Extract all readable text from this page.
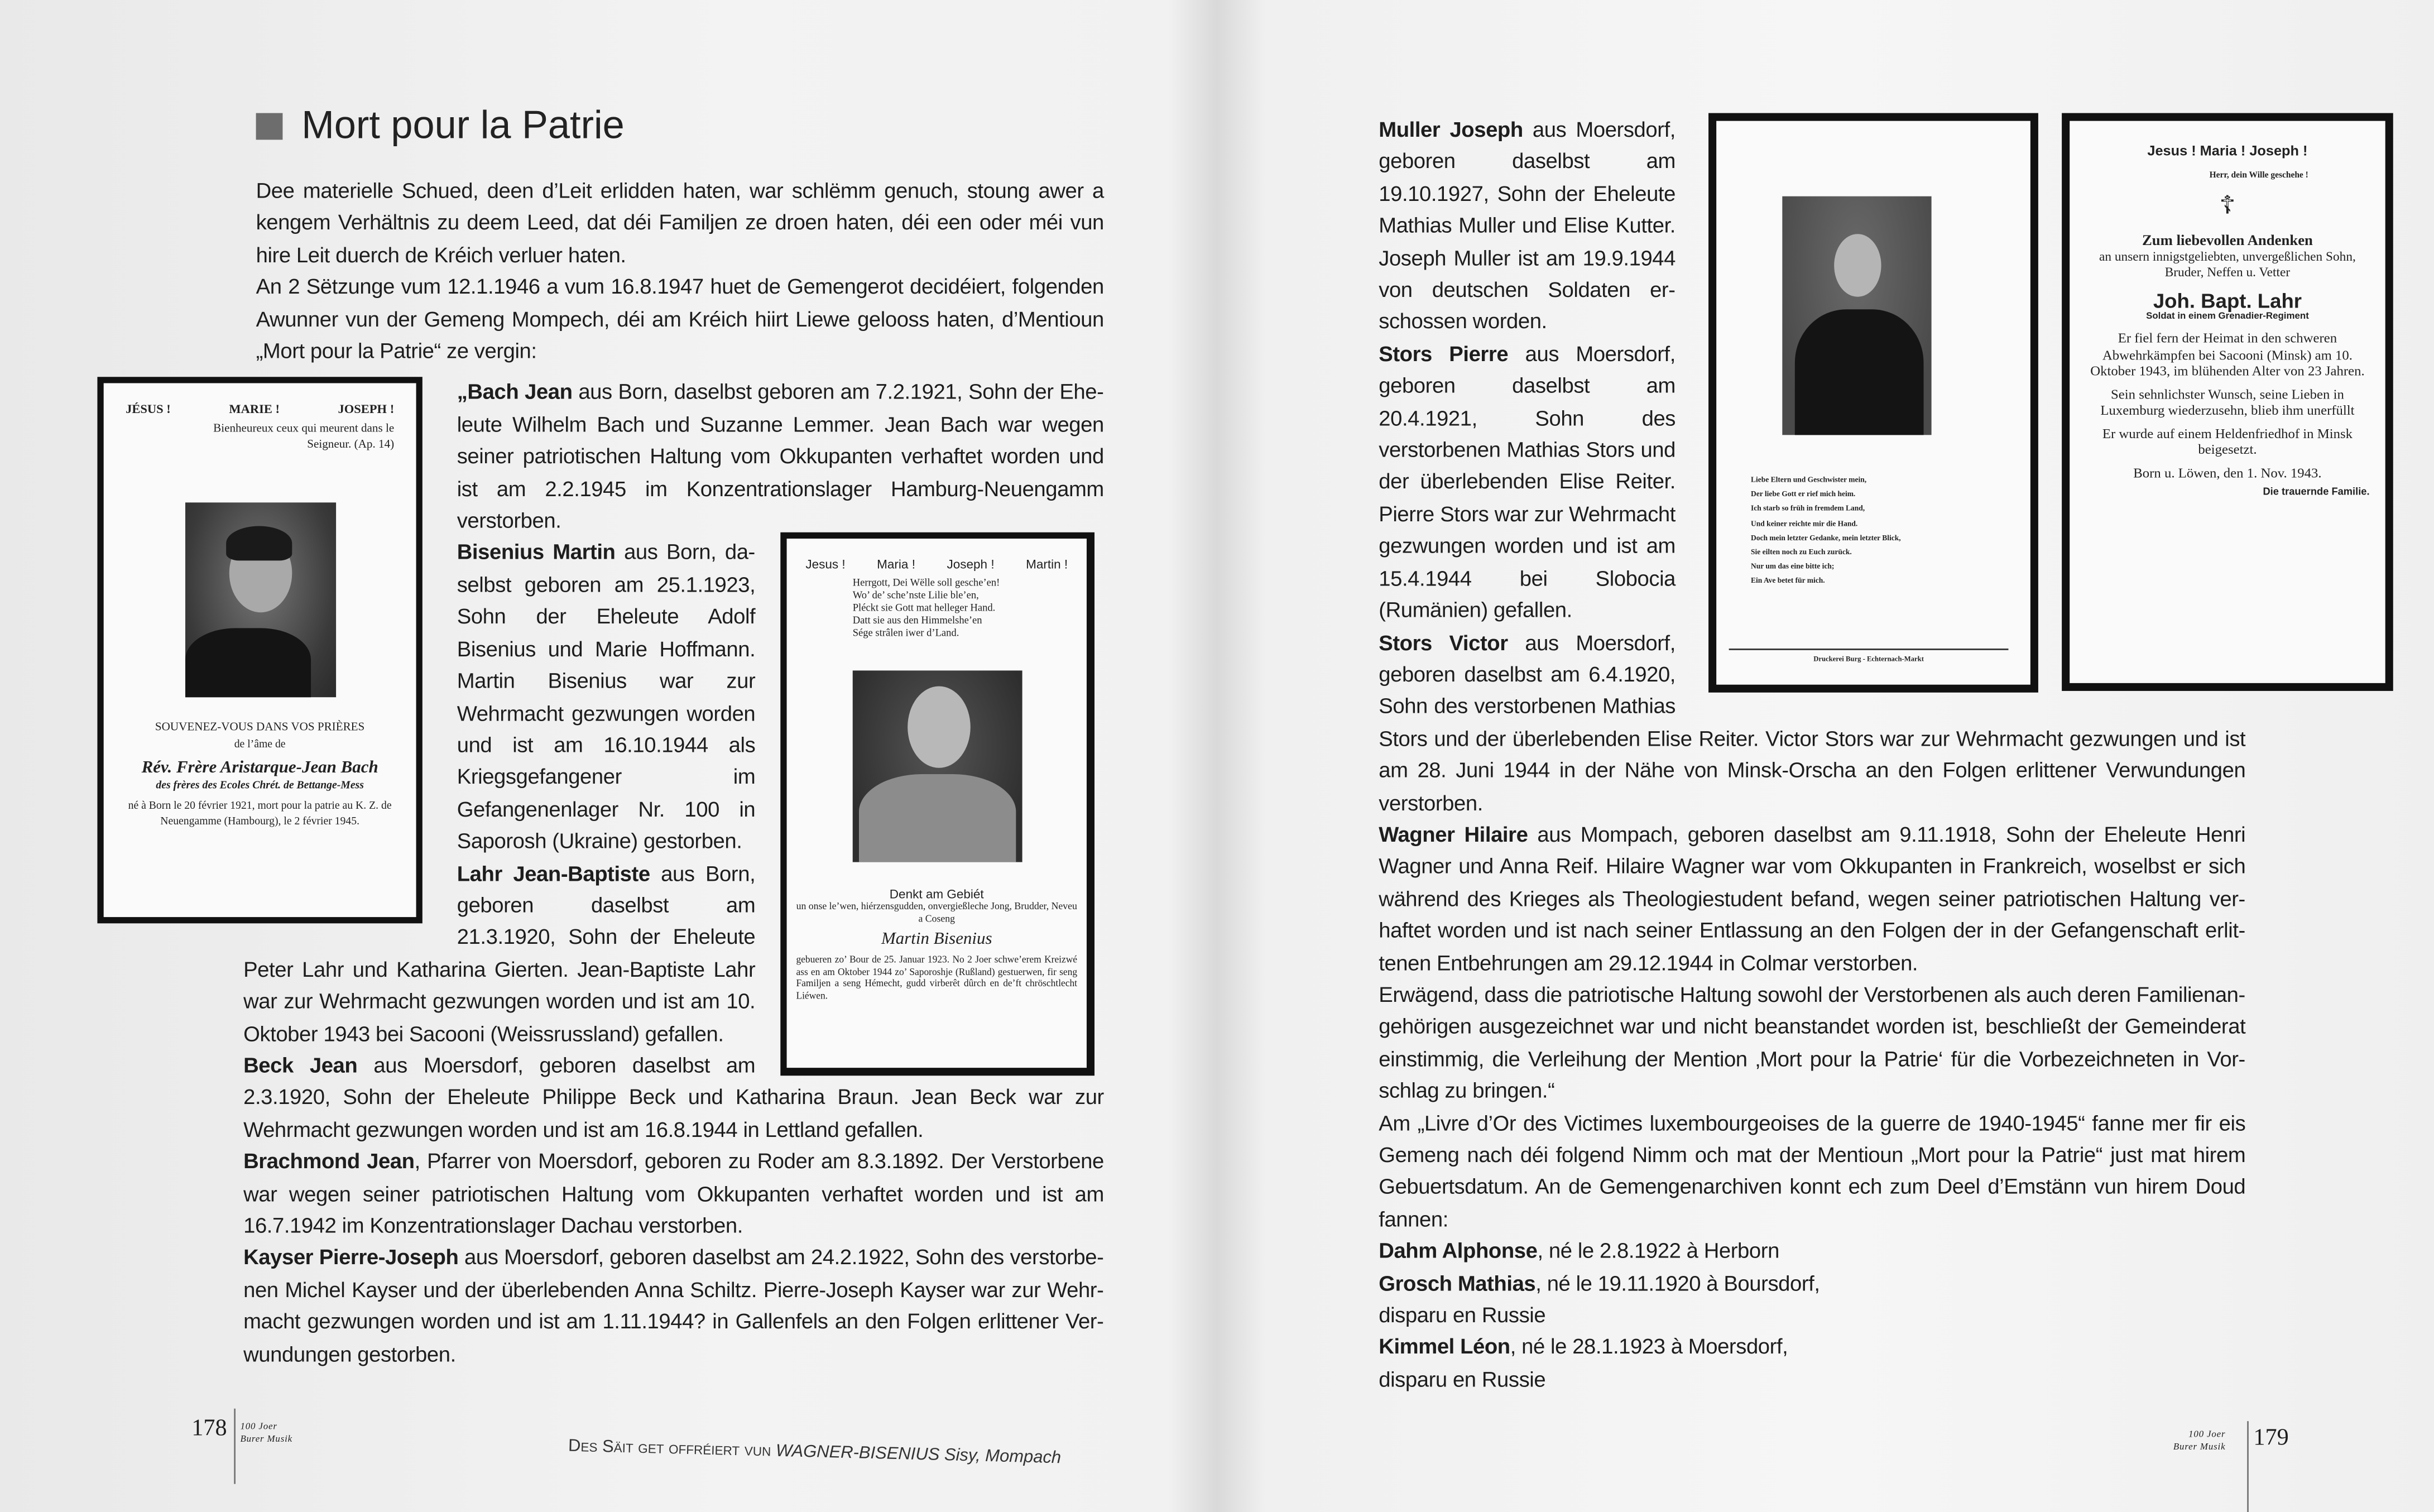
Mort pour la Patrie

Dee materielle Schued, deen d’Leit erlidden haten, war schlëmm genuch, stoung awer a kengem Verhältnis zu deem Leed, dat déi Familjen ze droen haten, déi een oder méi vun hire Leit duerch de Kréich verluer haten.

An 2 Sëtzunge vum 12.1.1946 a vum 16.8.1947 huet de Gemengerot decidéiert, folgenden Awunner vun der Gemeng Mompech, déi am Kréich hiirt Liewe gelooss haten, d’Mentioun „Mort pour la Patrie“ ze vergin:

JÉSUS !	MARIE !	JOSEPH !
Bienheureux ceux qui meurent dans le Seigneur. (Ap. 14)
SOUVENEZ-VOUS DANS VOS PRIÈRES
de l’âme de
Rév. Frère Aristarque-Jean Bach
des frères des Ecoles Chrét. de Bettange-Mess
né à Born le 20 février 1921, mort pour la patrie au K. Z. de Neuengamme (Hambourg), le 2 février 1945.
Jesus !	Maria !	Joseph !	Martin !
Herrgott, Dei Wëlle soll gesche’en!
Wo’ de’ sche’nste Lilie ble’en,
Pléckt sie Gott mat helleger Hand.
Datt sie aus den Himmelshe’en
Ségе strâlen iwer d’Land.
Denkt am Gebiét
un onse le’wen, hiérzensgudden, onvergiеßleche Jong, Brudder, Neveu a Coseng
Martin Bisenius
gebueren zo’ Bour de 25. Januar 1923. No 2 Joer schwe’erem Kreizwé ass en am Oktober 1944 zo’ Saporoshje (Rußland) gestuerwen, fir seng Familjen a seng Hémecht, gudd virberêt dûrch en de’ft chröschtlecht Liéwen.

„Bach Jean aus Born, daselbst geboren am 7.2.1921, Sohn der Eheleute Wilhelm Bach und Suzanne Lemmer. Jean Bach war wegen seiner patriotischen Haltung vom Okkupanten verhaftet worden und ist am 2.2.1945 im Konzentrationslager Hamburg-Neuengamm verstorben.

Bisenius Martin aus Born, daselbst geboren am 25.1.1923, Sohn der Eheleute Adolf Bisenius und Marie Hoffmann. Martin Bisenius war zur Wehrmacht gezwungen worden und ist am 16.10.1944 als Kriegsgefangener im Gefangenenlager Nr. 100 in Saporosh (Ukraine) gestorben.

Lahr Jean-Baptiste aus Born, geboren daselbst am 21.3.1920, Sohn der Eheleute Peter Lahr und Katharina Gierten. Jean-Baptiste Lahr war zur Wehrmacht gezwungen worden und ist am 10. Oktober 1943 bei Sacooni (Weissrussland) gefallen.

Beck Jean aus Moersdorf, geboren daselbst am 2.3.1920, Sohn der Eheleute Philippe Beck und Katharina Braun. Jean Beck war zur Wehrmacht gezwungen worden und ist am 16.8.1944 in Lettland gefallen.

Brachmond Jean, Pfarrer von Moersdorf, geboren zu Roder am 8.3.1892. Der Verstorbene war wegen seiner patriotischen Haltung vom Okkupanten verhaftet worden und ist am 16.7.1942 im Konzentrationslager Dachau verstorben.

Kayser Pierre-Joseph aus Moersdorf, geboren daselbst am 24.2.1922, Sohn des verstorbenen Michel Kayser und der überlebenden Anna Schiltz. Pierre-Joseph Kayser war zur Wehrmacht gezwungen worden und ist am 1.11.1944? in Gallenfels an den Folgen erlittener Verwundungen gestorben.

178	100 Joer
Burer Musik	Des Säit get offréiert vun WAGNER-BISENIUS Sisy, Mompach
Liebe Eltern und Geschwister mein,
Der liebe Gott er rief mich heim.
Ich starb so früh in fremdem Land,
Und keiner reichte mir die Hand.
Doch mein letzter Gedanke, mein letzter Blick,
Sie eilten noch zu Euch zurück.
Nur um das eine bitte ich;
Ein Ave betet für mich.
Druckerei Burg - Echternach-Markt
Jesus ! Maria ! Joseph !
Herr, dein Wille geschehe !
☦
Zum liebevollen Andenken
an unsern innigstgeliebten, unvergeßlichen Sohn, Bruder, Neffen u. Vetter
Joh. Bapt. Lahr
Soldat in einem Grenadier-Regiment
Er fiel fern der Heimat in den schweren Abwehrkämpfen bei Sacooni (Minsk) am 10. Oktober 1943, im blühenden Alter von 23 Jahren.
Sein sehnlichster Wunsch, seine Lieben in Luxemburg wiederzusehn, blieb ihm unerfüllt
Er wurde auf einem Heldenfriedhof in Minsk beigesetzt.
Born u. Löwen, den 1. Nov. 1943.
Die trauernde Familie.

Muller Joseph aus Moersdorf, geboren daselbst am 19.10.1927, Sohn der Eheleute Mathias Muller und Elise Kutter. Joseph Muller ist am 19.9.1944 von deutschen Soldaten erschossen worden.

Stors Pierre aus Moersdorf, geboren daselbst am 20.4.1921, Sohn des verstorbenen Mathias Stors und der überlebenden Elise Reiter. Pierre Stors war zur Wehrmacht gezwungen worden und ist am 15.4.1944 bei Slobocia (Rumänien) gefallen.

Stors Victor aus Moersdorf, geboren daselbst am 6.4.1920, Sohn des verstorbenen Mathias Stors und der überlebenden Elise Reiter. Victor Stors war zur Wehrmacht gezwungen und ist am 28. Juni 1944 in der Nähe von Minsk-Orscha an den Folgen erlittener Verwundungen verstorben.

Wagner Hilaire aus Mompach, geboren daselbst am 9.11.1918, Sohn der Eheleute Henri Wagner und Anna Reif. Hilaire Wagner war vom Okkupanten in Frankreich, woselbst er sich während des Krieges als Theologiestudent befand, wegen seiner patriotischen Haltung verhaftet worden und ist nach seiner Entlassung an den Folgen der in der Gefangenschaft erlittenen Entbehrungen am 29.12.1944 in Colmar verstorben.

Erwägend, dass die patriotische Haltung sowohl der Verstorbenen als auch deren Familienangehörigen ausgezeichnet war und nicht beanstandet worden ist, beschließt der Gemeinderat einstimmig, die Verleihung der Mention ‚Mort pour la Patrie‘ für die Vorbezeichneten in Vorschlag zu bringen.“

Am „Livre d’Or des Victimes luxembourgeoises de la guerre de 1940-1945“ fanne mer fir eis Gemeng nach déi folgend Nimm och mat der Mentioun „Mort pour la Patrie“ just mat hirem Gebuertsdatum. An de Gemengenarchiven konnt ech zum Deel d’Emstänn vun hirem Doud fannen:

Dahm Alphonse, né le 2.8.1922 à Herborn

Grosch Mathias, né le 19.11.1920 à Boursdorf,
disparu en Russie

Kimmel Léon, né le 28.1.1923 à Moersdorf,
disparu en Russie

100 Joer
Burer Musik	179
